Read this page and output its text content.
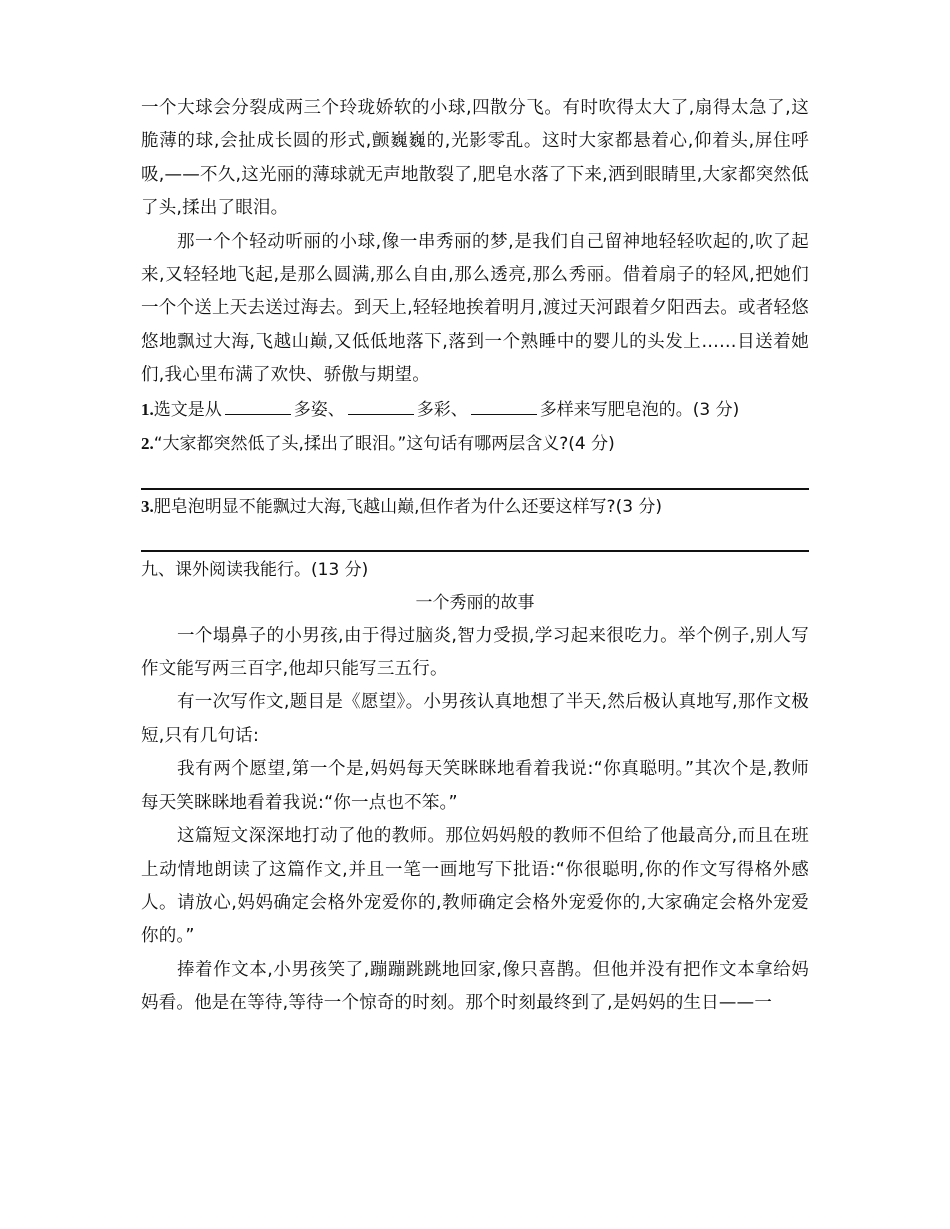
一个大球会分裂成两三个玲珑娇软的小球,四散分飞。有时吹得太大了,扇得太急了,这脆薄的球,会扯成长圆的形式,颤巍巍的,光影零乱。这时大家都悬着心,仰着头,屏住呼吸,——不久,这光丽的薄球就无声地散裂了,肥皂水落了下来,洒到眼睛里,大家都突然低了头,揉出了眼泪。

那一个个轻动听丽的小球,像一串秀丽的梦,是我们自己留神地轻轻吹起的,吹了起来,又轻轻地飞起,是那么圆满,那么自由,那么透亮,那么秀丽。借着扇子的轻风,把她们一个个送上天去送过海去。到天上,轻轻地挨着明月,渡过天河跟着夕阳西去。或者轻悠悠地飘过大海,飞越山巅,又低低地落下,落到一个熟睡中的婴儿的头发上……目送着她们,我心里布满了欢快、骄傲与期望。

1.选文是从	多姿、	多彩、	多样来写肥皂泡的。(3 分)

2.“大家都突然低了头,揉出了眼泪。”这句话有哪两层含义?(4 分)

3.肥皂泡明显不能飘过大海,飞越山巅,但作者为什么还要这样写?(3 分)

九、课外阅读我能行。(13 分)

一个秀丽的故事

一个塌鼻子的小男孩,由于得过脑炎,智力受损,学习起来很吃力。举个例子,别人写作文能写两三百字,他却只能写三五行。

有一次写作文,题目是《愿望》。小男孩认真地想了半天,然后极认真地写,那作文极短,只有几句话:

我有两个愿望,第一个是,妈妈每天笑眯眯地看着我说:“你真聪明。”其次个是,教师每天笑眯眯地看着我说:“你一点也不笨。”

这篇短文深深地打动了他的教师。那位妈妈般的教师不但给了他最高分,而且在班上动情地朗读了这篇作文,并且一笔一画地写下批语:“你很聪明,你的作文写得格外感人。请放心,妈妈确定会格外宠爱你的,教师确定会格外宠爱你的,大家确定会格外宠爱你的。”

捧着作文本,小男孩笑了,蹦蹦跳跳地回家,像只喜鹊。但他并没有把作文本拿给妈妈看。他是在等待,等待一个惊奇的时刻。那个时刻最终到了,是妈妈的生日——一
